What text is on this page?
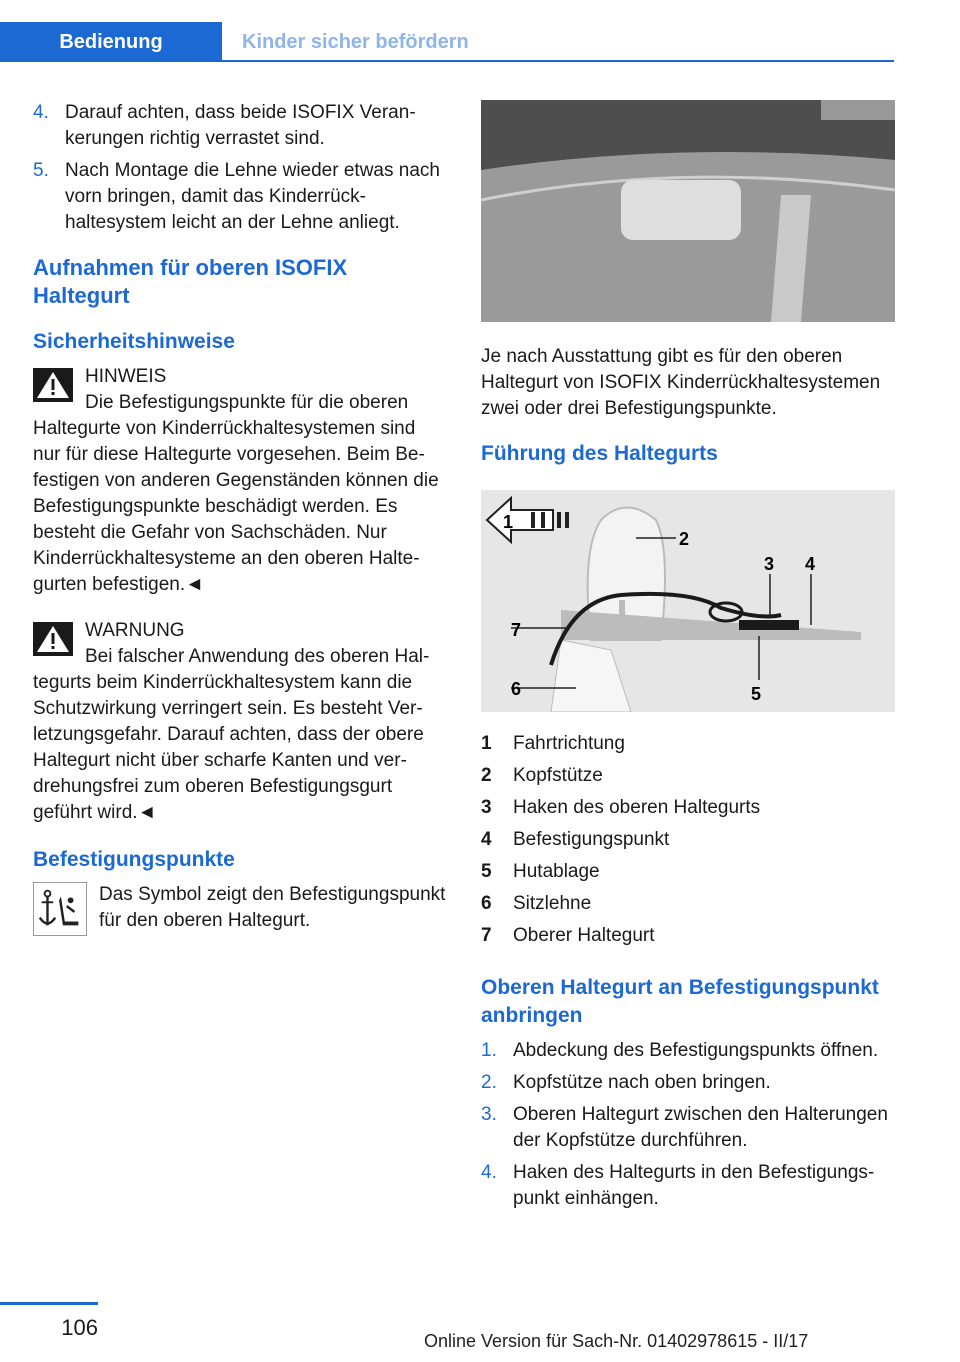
Bedienung	Kinder sicher befördern
4. Darauf achten, dass beide ISOFIX Verankerungen richtig verrastet sind.
5. Nach Montage die Lehne wieder etwas nach vorn bringen, damit das Kinderrückhaltesystem leicht an der Lehne anliegt.
Aufnahmen für oberen ISOFIX Haltegurt
Sicherheitshinweise
HINWEIS

Die Befestigungspunkte für die oberen Haltegurte von Kinderrückhaltesystemen sind nur für diese Haltegurte vorgesehen. Beim Befestigen von anderen Gegenständen können die Befestigungspunkte beschädigt werden. Es besteht die Gefahr von Sachschäden. Nur Kinderrückhaltesysteme an den oberen Haltegurten befestigen.◄

WARNUNG

Bei falscher Anwendung des oberen Haltegurts beim Kinderrückhaltesystem kann die Schutzwirkung verringert sein. Es besteht Verletzungsgefahr. Darauf achten, dass der obere Haltegurt nicht über scharfe Kanten und verdrehungsfrei zum oberen Befestigungsgurt geführt wird.◄

Befestigungspunkte
Das Symbol zeigt den Befestigungspunkt für den oberen Haltegurt.

Je nach Ausstattung gibt es für den oberen Haltegurt von ISOFIX Kinderrückhaltesystemen zwei oder drei Befestigungspunkte.

Führung des Haltegurts
1
2
3 4
5
6
7
1	Fahrtrichtung
2	Kopfstütze
3	Haken des oberen Haltegurts
4	Befestigungspunkt
5	Hutablage
6	Sitzlehne
7	Oberer Haltegurt
Oberen Haltegurt an Befestigungspunkt anbringen
1. Abdeckung des Befestigungspunkts öffnen.
2. Kopfstütze nach oben bringen.
3. Oberen Haltegurt zwischen den Halterungen der Kopfstütze durchführen.
4. Haken des Haltegurts in den Befestigungspunkt einhängen.
106
Online Version für Sach-Nr. 01402978615 - II/17
